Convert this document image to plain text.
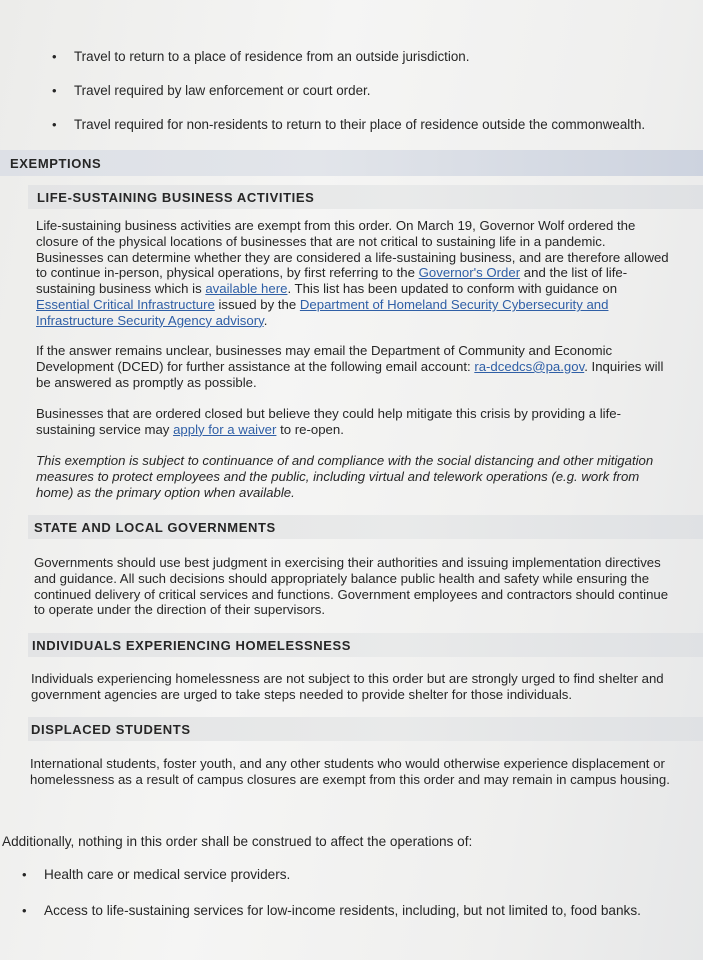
• Travel to return to a place of residence from an outside jurisdiction.
• Travel required by law enforcement or court order.
• Travel required for non-residents to return to their place of residence outside the commonwealth.
EXEMPTIONS
LIFE-SUSTAINING BUSINESS ACTIVITIES
Life-sustaining business activities are exempt from this order. On March 19, Governor Wolf ordered the closure of the physical locations of businesses that are not critical to sustaining life in a pandemic. Businesses can determine whether they are considered a life-sustaining business, and are therefore allowed to continue in-person, physical operations, by first referring to the Governor's Order and the list of life-sustaining business which is available here. This list has been updated to conform with guidance on Essential Critical Infrastructure issued by the Department of Homeland Security Cybersecurity and Infrastructure Security Agency advisory.
If the answer remains unclear, businesses may email the Department of Community and Economic Development (DCED) for further assistance at the following email account: ra-dcedcs@pa.gov. Inquiries will be answered as promptly as possible.
Businesses that are ordered closed but believe they could help mitigate this crisis by providing a life-sustaining service may apply for a waiver to re-open.
This exemption is subject to continuance of and compliance with the social distancing and other mitigation measures to protect employees and the public, including virtual and telework operations (e.g. work from home) as the primary option when available.
STATE AND LOCAL GOVERNMENTS
Governments should use best judgment in exercising their authorities and issuing implementation directives and guidance. All such decisions should appropriately balance public health and safety while ensuring the continued delivery of critical services and functions. Government employees and contractors should continue to operate under the direction of their supervisors.
INDIVIDUALS EXPERIENCING HOMELESSNESS
Individuals experiencing homelessness are not subject to this order but are strongly urged to find shelter and government agencies are urged to take steps needed to provide shelter for those individuals.
DISPLACED STUDENTS
International students, foster youth, and any other students who would otherwise experience displacement or homelessness as a result of campus closures are exempt from this order and may remain in campus housing.
Additionally, nothing in this order shall be construed to affect the operations of:
• Health care or medical service providers.
• Access to life-sustaining services for low-income residents, including, but not limited to, food banks.
